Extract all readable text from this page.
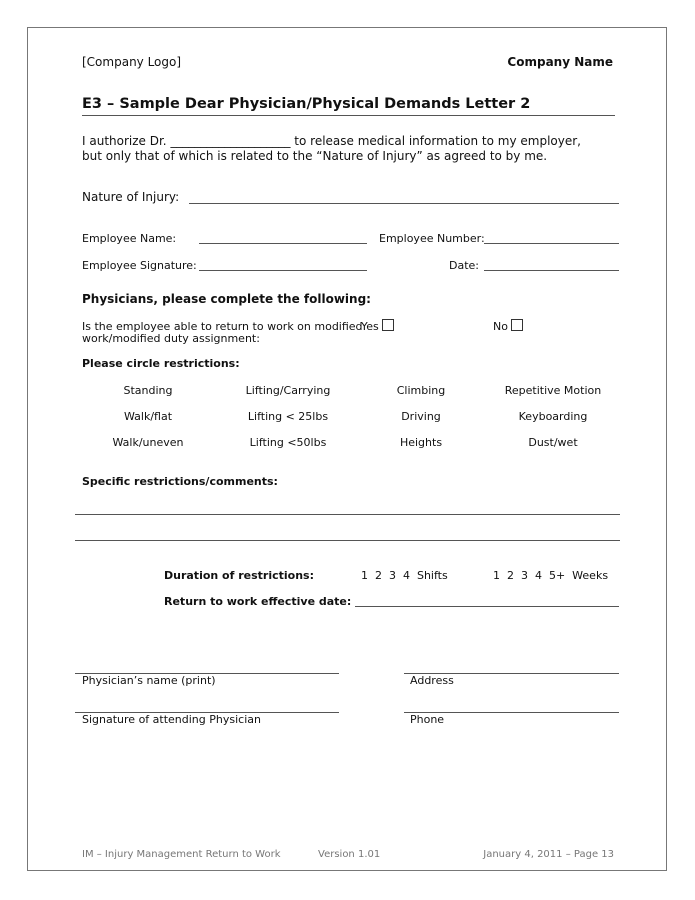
[Company Logo]	Company Name
E3 – Sample Dear Physician/Physical Demands Letter 2
I authorize Dr. ____________________ to release medical information to my employer,
but only that of which is related to the “Nature of Injury” as agreed to by me.
Nature of Injury:
Employee Name:	Employee Number:
Employee Signature:	Date:
Physicians, please complete the following:
Is the employee able to return to work on modified
work/modified duty assignment:
Yes	No
Please circle restrictions:
Standing	Lifting/Carrying	Climbing	Repetitive Motion
Walk/flat	Lifting < 25lbs	Driving	Keyboarding
Walk/uneven	Lifting <50lbs	Heights	Dust/wet
Specific restrictions/comments:
Duration of restrictions:	1  2  3  4  Shifts	1  2  3  4  5+  Weeks
Return to work effective date:
Physician’s name (print)	Address
Signature of attending Physician	Phone
IM – Injury Management Return to Work	Version 1.01	January 4, 2011 – Page 13
